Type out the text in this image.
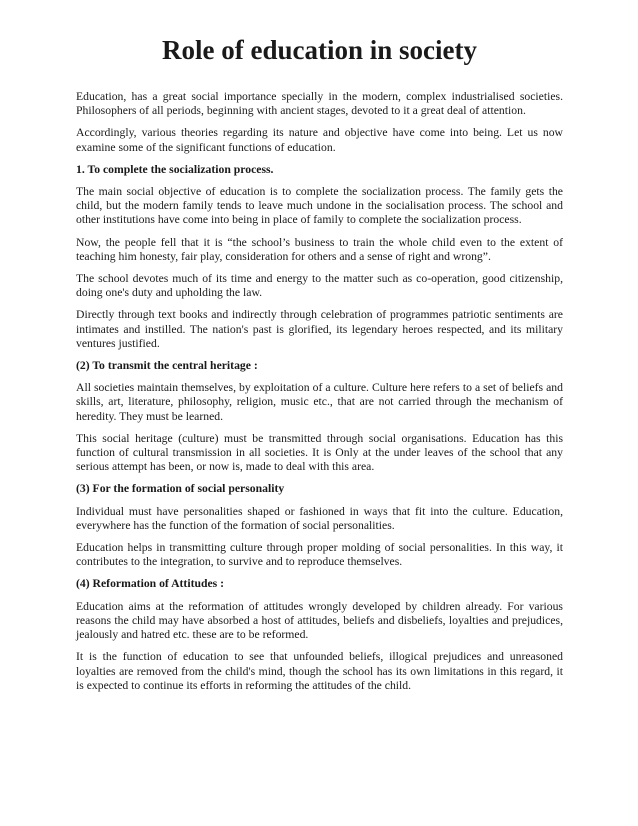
Role of education in society

Education, has a great social importance specially in the modern, complex industrialised societies. Philosophers of all periods, beginning with ancient stages, devoted to it a great deal of attention.

Accordingly, various theories regarding its nature and objective have come into being. Let us now examine some of the significant functions of education.

1. To complete the socialization process.

The main social objective of education is to complete the socialization process. The family gets the child, but the modern family tends to leave much undone in the socialisation process. The school and other institutions have come into being in place of family to complete the socialization process.

Now, the people fell that it is “the school’s business to train the whole child even to the extent of teaching him honesty, fair play, consideration for others and a sense of right and wrong”.

The school devotes much of its time and energy to the matter such as co-operation, good citizenship, doing one's duty and upholding the law.

Directly through text books and indirectly through celebration of programmes patriotic sentiments are intimates and instilled. The nation's past is glorified, its legendary heroes respected, and its military ventures justified.

(2) To transmit the central heritage :

All societies maintain themselves, by exploitation of a culture. Culture here refers to a set of beliefs and skills, art, literature, philosophy, religion, music etc., that are not carried through the mechanism of heredity. They must be learned.

This social heritage (culture) must be transmitted through social organisations. Education has this function of cultural transmission in all societies. It is Only at the under leaves of the school that any serious attempt has been, or now is, made to deal with this area.

(3) For the formation of social personality

Individual must have personalities shaped or fashioned in ways that fit into the culture. Education, everywhere has the function of the formation of social personalities.

Education helps in transmitting culture through proper molding of social personalities. In this way, it contributes to the integration, to survive and to reproduce themselves.

(4) Reformation of Attitudes :

Education aims at the reformation of attitudes wrongly developed by children already. For various reasons the child may have absorbed a host of attitudes, beliefs and disbeliefs, loyalties and prejudices, jealously and hatred etc. these are to be reformed.

It is the function of education to see that unfounded beliefs, illogical prejudices and unreasoned loyalties are removed from the child's mind, though the school has its own limitations in this regard, it is expected to continue its efforts in reforming the attitudes of the child.
